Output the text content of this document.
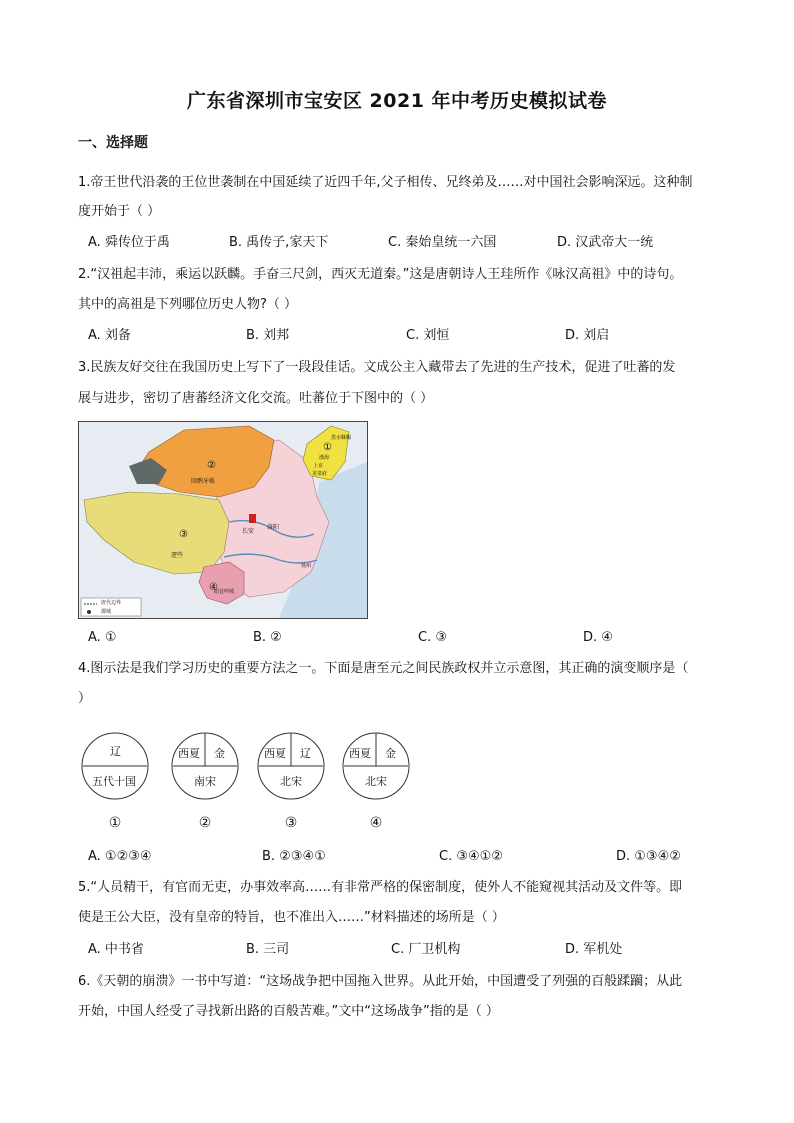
广东省深圳市宝安区 2021 年中考历史模拟试卷
一、选择题
1.帝王世代沿袭的王位世袭制在中国延续了近四千年,父子相传、兄终弟及……对中国社会影响深远。这种制
度开始于（ ）
A. 舜传位于禹	B. 禹传子,家天下	C. 秦始皇统一六国	D. 汉武帝大一统
2.“汉祖起丰沛，乘运以跃麟。手奋三尺剑，西灭无道秦。”这是唐朝诗人王珪所作《咏汉高祖》中的诗句。
其中的高祖是下列哪位历史人物?（ ）
A. 刘备	B. 刘邦	C. 刘恒	D. 刘启
3.民族友好交往在我国历史上写下了一段段佳话。文成公主入藏带去了先进的生产技术，促进了吐蕃的发
展与进步，密切了唐蕃经济文化交流。吐蕃位于下图中的（ ）
②
③
④
①
回鹘牙帐
逻些
阳苴咩城
长安
洛阳
上京
龙泉府
渤海
黑水靺鞨
扬州
唐代边界
都城
A. ①	B. ②	C. ③	D. ④
4.图示法是我们学习历史的重要方法之一。下面是唐至元之间民族政权并立示意图，其正确的演变顺序是（
）
辽
五代十国
西夏 金
南宋
西夏 辽
北宋
西夏 金
北宋
①	②	③	④
A. ①②③④	B. ②③④①	C. ③④①②	D. ①③④②
5.“人员精干，有官而无吏，办事效率高……有非常严格的保密制度，使外人不能窥视其活动及文件等。即
使是王公大臣，没有皇帝的特旨，也不准出入……”材料描述的场所是（ ）
A. 中书省	B. 三司	C. 厂卫机构	D. 军机处
6.《天朝的崩溃》一书中写道：“这场战争把中国拖入世界。从此开始，中国遭受了列强的百般蹂躏；从此
开始，中国人经受了寻找新出路的百般苦难。”文中“这场战争”指的是（ ）
